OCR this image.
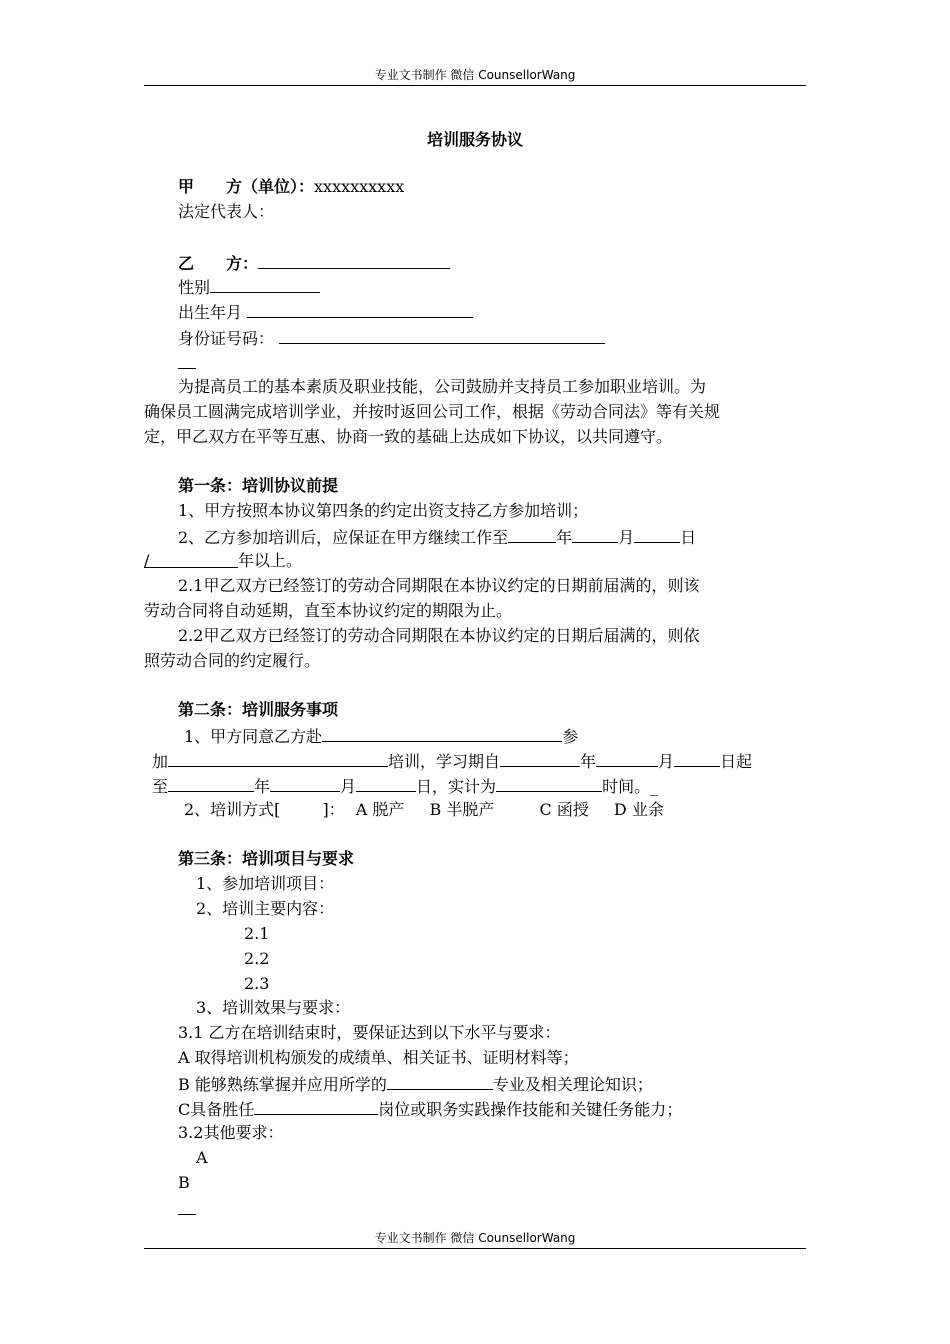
专业文书制作 微信 CounsellorWang
培训服务协议
甲　　方（单位）：xxxxxxxxxx
法定代表人：
乙　　方：
性别
出生年月
身份证号码：
为提高员工的基本素质及职业技能，公司鼓励并支持员工参加职业培训。为
确保员工圆满完成培训学业，并按时返回公司工作，根据《劳动合同法》等有关规
定，甲乙双方在平等互惠、协商一致的基础上达成如下协议，以共同遵守。
第一条：培训协议前提
1、甲方按照本协议第四条的约定出资支持乙方参加培训；
2、乙方参加培训后，应保证在甲方继续工作至	年	月	日
/	年以上。
2.1甲乙双方已经签订的劳动合同期限在本协议约定的日期前届满的，则该
劳动合同将自动延期，直至本协议约定的期限为止。
2.2甲乙双方已经签订的劳动合同期限在本协议约定的日期后届满的，则依
照劳动合同的约定履行。
第二条：培训服务事项
1、甲方同意乙方赴	参
加	培训，学习期自	年	月	日起
至	年	月	日，实计为	时间。_
2、培训方式[	]： A 脱产 B 半脱产	C 函授 D 业余
第三条：培训项目与要求
1、参加培训项目：
2、培训主要内容：
2.1
2.2
2.3
3、培训效果与要求：
3.1 乙方在培训结束时，要保证达到以下水平与要求：
A 取得培训机构颁发的成绩单、相关证书、证明材料等；
B 能够熟练掌握并应用所学的	专业及相关理论知识；
C具备胜任	岗位或职务实践操作技能和关键任务能力；
3.2其他要求：
A
B
专业文书制作 微信 CounsellorWang
